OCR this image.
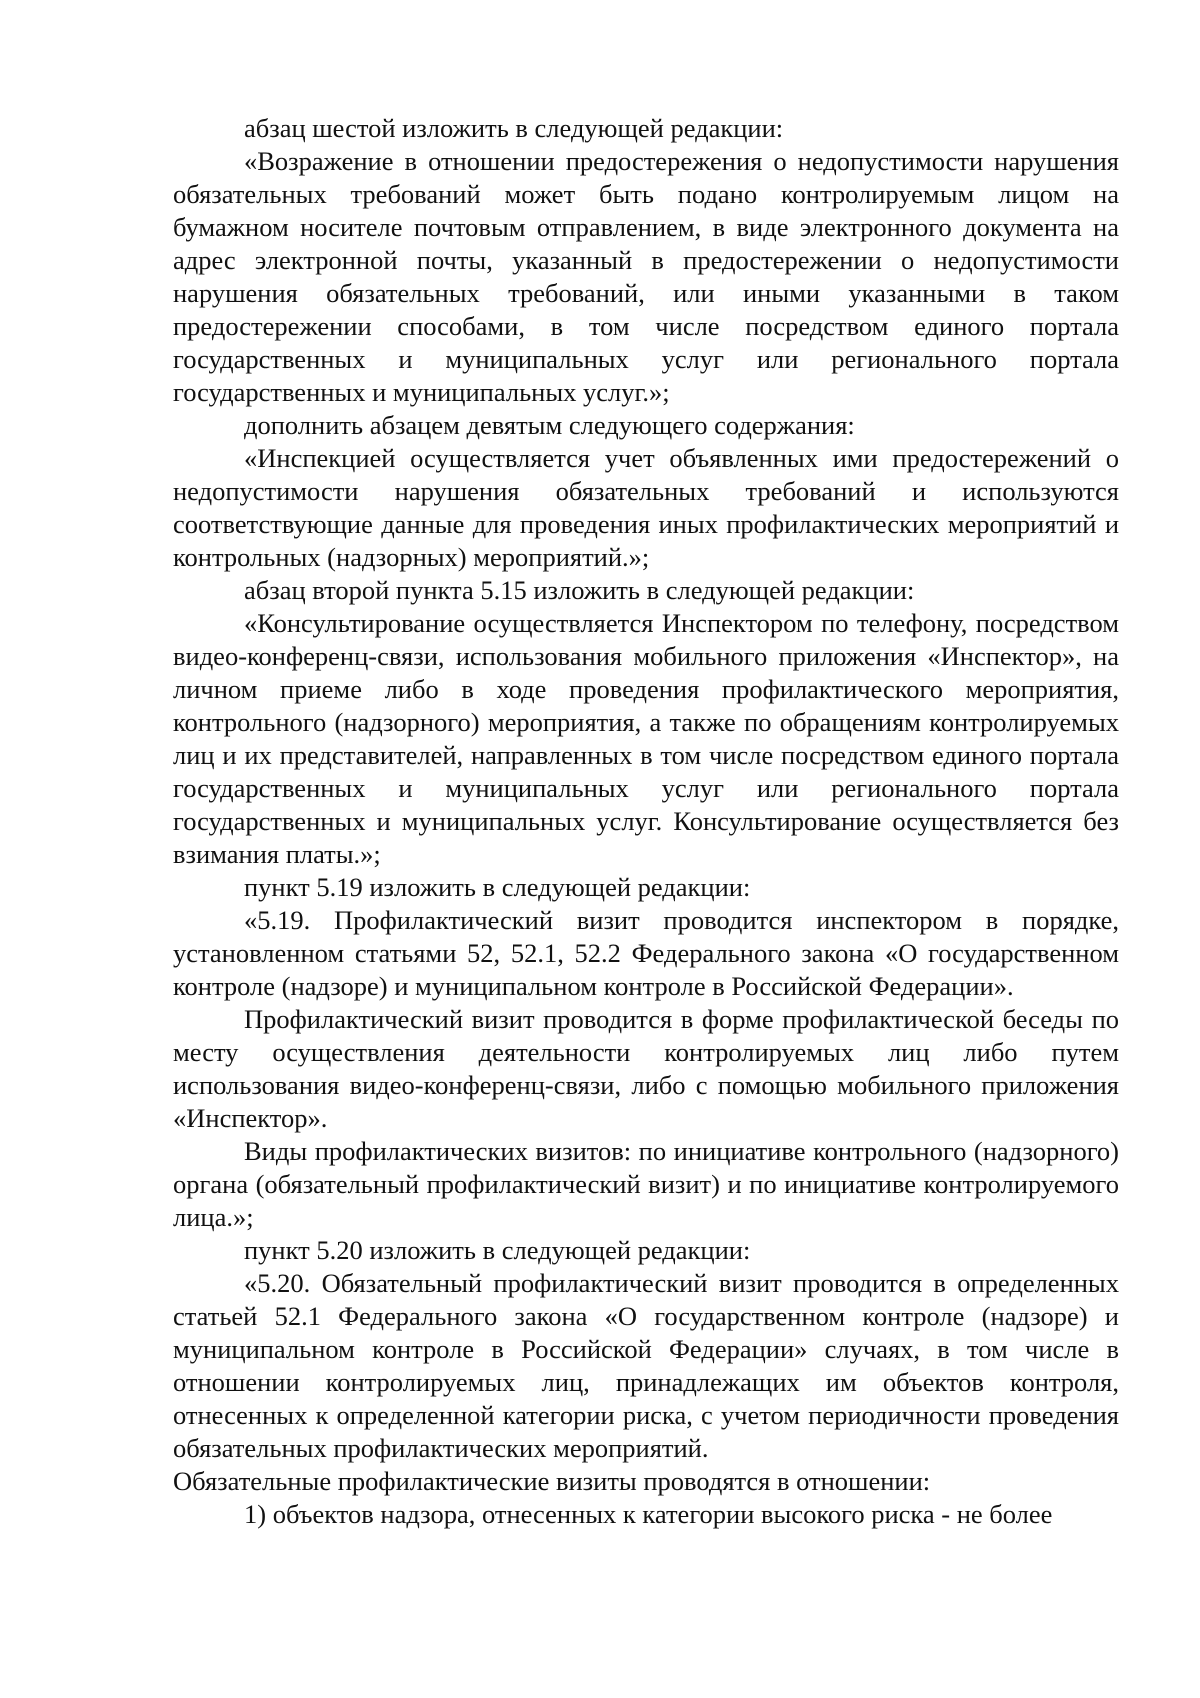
абзац шестой изложить в следующей редакции:

«Возражение в отношении предостережения о недопустимости нарушения обязательных требований может быть подано контролируемым лицом на бумажном носителе почтовым отправлением, в виде электронного документа на адрес электронной почты, указанный в предостережении о недопустимости нарушения обязательных требований, или иными указанными в таком предостережении способами, в том числе посредством единого портала государственных и муниципальных услуг или регионального портала государственных и муниципальных услуг.»;

дополнить абзацем девятым следующего содержания:

«Инспекцией осуществляется учет объявленных ими предостережений о недопустимости нарушения обязательных требований и используются соответствующие данные для проведения иных профилактических мероприятий и контрольных (надзорных) мероприятий.»;

абзац второй пункта 5.15 изложить в следующей редакции:

«Консультирование осуществляется Инспектором по телефону, посредством видео-конференц-связи, использования мобильного приложения «Инспектор», на личном приеме либо в ходе проведения профилактического мероприятия, контрольного (надзорного) мероприятия, а также по обращениям контролируемых лиц и их представителей, направленных в том числе посредством единого портала государственных и муниципальных услуг или регионального портала государственных и муниципальных услуг. Консультирование осуществляется без взимания платы.»;

пункт 5.19 изложить в следующей редакции:

«5.19. Профилактический визит проводится инспектором в порядке, установленном статьями 52, 52.1, 52.2 Федерального закона «О государственном контроле (надзоре) и муниципальном контроле в Российской Федерации».

Профилактический визит проводится в форме профилактической беседы по месту осуществления деятельности контролируемых лиц либо путем использования видео-конференц-связи, либо с помощью мобильного приложения «Инспектор».

Виды профилактических визитов: по инициативе контрольного (надзорного) органа (обязательный профилактический визит) и по инициативе контролируемого лица.»;

пункт 5.20 изложить в следующей редакции:

«5.20. Обязательный профилактический визит проводится в определенных статьей 52.1 Федерального закона «О государственном контроле (надзоре) и муниципальном контроле в Российской Федерации» случаях, в том числе в отношении контролируемых лиц, принадлежащих им объектов контроля, отнесенных к определенной категории риска, с учетом периодичности проведения обязательных профилактических мероприятий.

Обязательные профилактические визиты проводятся в отношении:

1) объектов надзора, отнесенных к категории высокого риска - не более
